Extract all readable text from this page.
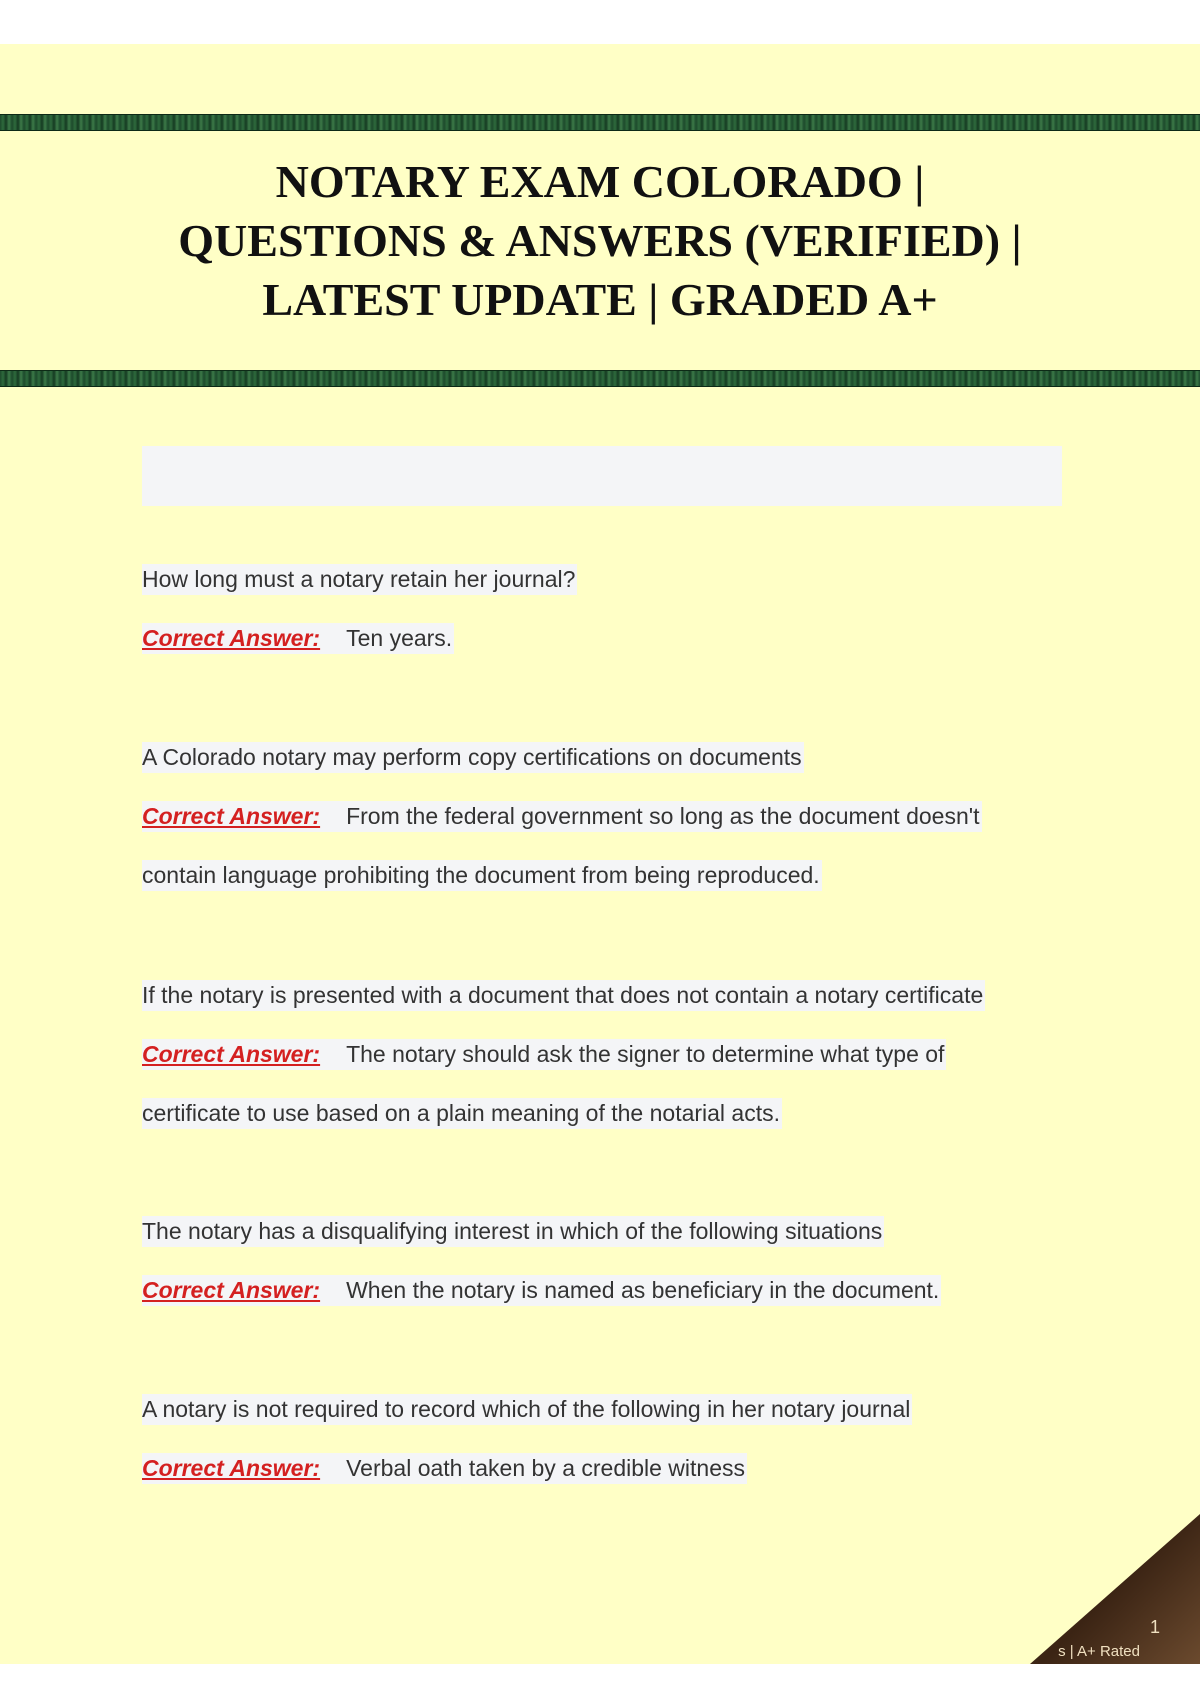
NOTARY EXAM COLORADO |
QUESTIONS & ANSWERS (VERIFIED) |
LATEST UPDATE | GRADED A+
How long must a notary retain her journal?
Correct Answer: Ten years.
A Colorado notary may perform copy certifications on documents
Correct Answer: From the federal government so long as the document doesn't
contain language prohibiting the document from being reproduced.
If the notary is presented with a document that does not contain a notary certificate
Correct Answer: The notary should ask the signer to determine what type of
certificate to use based on a plain meaning of the notarial acts.
The notary has a disqualifying interest in which of the following situations
Correct Answer: When the notary is named as beneficiary in the document.
A notary is not required to record which of the following in her notary journal
Correct Answer: Verbal oath taken by a credible witness
1
s | A+ Rated
